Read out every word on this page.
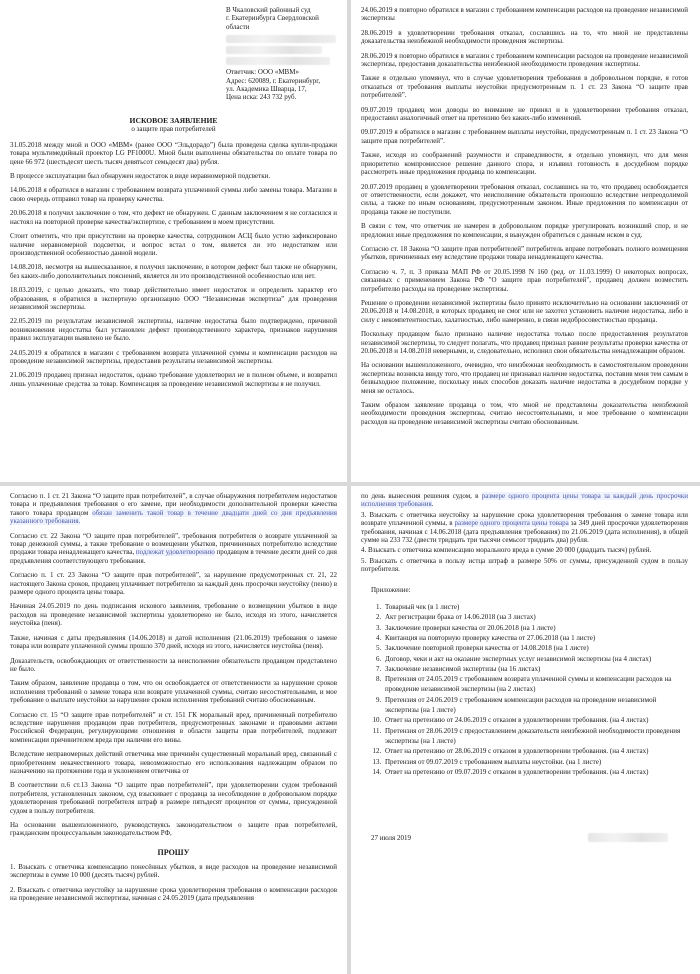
В Чкаловский районный суд
г. Екатеринбурга Свердловской
области
Ответчик: ООО «МВМ»
Адрес: 620089, г. Екатеринбург,
ул. Академика Шварца, 17,
Цена иска: 243 732 руб.
ИСКОВОЕ ЗАЯВЛЕНИЕ
о защите прав потребителей

31.05.2018 между мной и ООО «МВМ» (ранее ООО “Эльдорадо”) была проведена сделка купли-продажи товара мультимедийный проектор LG PF1000U. Мной были выполнены обязательства по оплате товара по цене 66 972 (шестьдесят шесть тысяч девятьсот семьдесят два) рубля.

В процессе эксплуатации был обнаружен недостаток в виде неравномерной подсветки.

14.06.2018 я обратился в магазин с требованием возврата уплаченной суммы либо замены товара. Магазин в свою очередь отправил товар на проверку качества.

20.06.2018 я получил заключение о том, что дефект не обнаружен. С данным заключением я не согласился и настоял на повторной проверке качества/экспертизе, с требованием в моем присутствии.

Стоит отметить, что при присутствии на проверке качества, сотрудником АСЦ было устно зафиксировано наличие неравномерной подсветки, и вопрос встал о том, является ли это недостатком или производственной особенностью данной модели.

14.08.2018, несмотря на вышесказанное, я получил заключение, в котором дефект был также не обнаружен, без каких-либо дополнительных пояснений, является ли это производственной особенностью или нет.

18.03.2019, с целью доказать, что товар действительно имеет недостаток и определить характер его образования, я обратился в экспертную организацию ООО “Независимая экспертиза” для проведения независимой экспертизы.

22.05.2019 по результатам независимой экспертизы, наличие недостатка было подтверждено, причиной возникновения недостатка был установлен дефект производственного характера, признаков нарушения правил эксплуатации выявлено не было.

24.05.2019 я обратился в магазин с требованием возврата уплаченной суммы и компенсации расходов на проведение независимой экспертизы, предоставив результаты независимой экспертизы.

21.06.2019 продавец признал недостаток, однако требование удовлетворил не в полном объеме, и возвратил лишь уплаченные средства за товар. Компенсация за проведение независимой экспертизы я не получил.

24.06.2019 я повторно обратился в магазин с требованием компенсации расходов на проведение независимой экспертизы

28.06.2019 в удовлетворении требования отказал, сославшись на то, что мной не представлены доказательства неизбежной необходимости проведения экспертизы.

28.06.2019 я повторно обратился в магазин с требованием компенсации расходов на проведение независимой экспертизы, предоставив доказательства неизбежной необходимости проведения экспертизы.

Также я отдельно упомянул, что в случае удовлетворения требования в добровольном порядке, я готов отказаться от требования выплаты неустойки предусмотренным п. 1 ст. 23 Закона “О защите прав потребителей”.

09.07.2019 продавец мои доводы во внимание не принял и в удовлетворении требования отказал, предоставил аналогичный ответ на претензию без каких-либо изменений.

09.07.2019 я обратился в магазин с требованием выплаты неустойки, предусмотренным п. 1 ст. 23 Закона “О защите прав потребителей”.

Также, исходя из соображений разумности и справедливости, я отдельно упомянул, что для меня приоритетно компромиссное решение данного спора, и изъявил готовность в досудебном порядке рассмотреть иные предложения продавца по компенсации.

20.07.2019 продавец в удовлетворении требования отказал, сославшись на то, что продавец освобождается от ответственности, если докажет, что неисполнение обязательств произошло вследствие непреодолимой силы, а также по иным основаниям, предусмотренным законом. Иные предложения по компенсации от продавца также не поступили.

В связи с тем, что ответчик не намерен в добровольном порядке урегулировать возникший спор, и не предложил иные предложения по компенсации, я вынужден обратиться с данным иском в суд.

Согласно ст. 18 Закона “О защите прав потребителей” потребитель вправе потребовать полного возмещения убытков, причиненных ему вследствие продажи товара ненадлежащего качества.

Согласно ч. 7, п. 3 приказа МАП РФ от 20.05.1998 N 160 (ред. от 11.03.1999) О некоторых вопросах, связанных с применением Закона РФ "О защите прав потребителей", продавец должен возместить потребителю расходы на проведение экспертизы.

Решение о проведении независимой экспертизы было принято исключительно на основании заключений от 20.06.2018 и 14.08.2018, в которых продавец не смог или не захотел установить наличие недостатка, либо в силу с некомпетентностью, халатностью, либо намеренно, в связи недобросовестностью продавца.

Поскольку продавцом было признано наличие недостатка только после предоставления результатов независимой экспертизы, то следует полагать, что продавец признал ранние результаты проверки качества от 20.06.2018 и 14.08.2018 неверными, и, следовательно, исполнил свои обязательства ненадлежащим образом.

На основании вышеизложенного, очевидно, что неизбежная необходимость в самостоятельном проведении экспертизы возникла ввиду того, что продавец не признавал наличие недостатка, поставив меня тем самым в безвыходное положение, поскольку иных способов доказать наличие недостатка в досудебном порядке у меня не осталось.

Таким образом заявление продавца о том, что мной не представлены доказательства неизбежной необходимости проведения экспертизы, считаю несостоятельными, и мое требование о компенсации расходов на проведение независимой экспертизы считаю обоснованным.

Согласно п. 1 ст. 21 Закона “О защите прав потребителей”, в случае обнаружения потребителем недостатков товара и предъявления требования о его замене, при необходимости дополнительной проверки качества такого товара продавцом обязан заменить такой товар в течение двадцати дней со дня предъявления указанного требования.

Согласно ст. 22 Закона “О защите прав потребителей”, требования потребителя о возврате уплаченной за товар денежной суммы, а также требование о возмещении убытков, причиненных потребителю вследствие продажи товара ненадлежащего качества, подлежат удовлетворению продавцом в течение десяти дней со дня предъявления соответствующего требования.

Согласно п. 1 ст. 23 Закона “О защите прав потребителей”, за нарушение предусмотренных ст. 21, 22 настоящего Закона сроков, продавец уплачивает потребителю за каждый день просрочки неустойку (пеню) в размере одного процента цены товара.

Начиная 24.05.2019 по день подписания искового заявления, требование о возмещении убытков в виде расходов на проведение независимой экспертизы удовлетворено не было, исходя из этого, начисляется неустойка (пеня).

Также, начиная с даты предъявления (14.06.2018) и датой исполнения (21.06.2019) требования о замене товара или возврате уплаченной суммы прошло 370 дней, исходя из этого, начисляется неустойка (пеня).

Доказательств, освобождающих от ответственности за неисполнение обязательств продавцом представлено не было.

Таким образом, заявление продавца о том, что он освобождается от ответственности за нарушение сроков исполнения требований о замене товара или возврате уплаченной суммы, считаю несостоятельными, и мое требование о выплате неустойки за нарушение сроков исполнения требований считаю обоснованным.

Согласно ст. 15 “О защите прав потребителей” и ст. 151 ГК моральный вред, причиненный потребителю вследствие нарушения продавцом прав потребителя, предусмотренных законами и правовыми актами Российской Федерации, регулирующими отношения в области защиты прав потребителей, подлежит компенсации причинителем вреда при наличии его вины.

Вследствие неправомерных действий ответчика мне причинён существенный моральный вред, связанный с приобретением некачественного товара, невозможностью его использования надлежащим образом по назначению на протяжении года и уклонением ответчика от

В соответствии п.6 ст.13 Закона “О защите прав потребителей”, при удовлетворении судом требований потребителя, установленных законом, суд взыскивает с продавца за несоблюдение в добровольном порядке удовлетворения требований потребителя штраф в размере пятьдесят процентов от суммы, присужденной судом в пользу потребителя.

На основании вышеизложенного, руководствуясь законодательством о защите прав потребителей, гражданским процессуальным законодательством РФ,

ПРОШУ

1. Взыскать с ответчика компенсацию понесённых убытков, в виде расходов на проведение независимой экспертизы в сумме 10 000 (десять тысяч) рублей.

2. Взыскать с ответчика неустойку за нарушение срока удовлетворения требования о компенсации расходов на проведение независимой экспертизы, начиная с 24.05.2019 (дата предъявления

по день вынесения решения судом, в размере одного процента цены товара за каждый день просрочки исполнения требования.

3. Взыскать с ответчика неустойку за нарушение срока удовлетворения требования о замене товара или возврате уплаченной суммы, в размере одного процента цены товара за 349 дней просрочки удовлетворения требования, начиная с 14.06.2018 (дата предъявления требования) по 21.06.2019 (дата исполнения), в общей сумме на 233 732 (двести тридцать три тысячи семьсот тридцать два) рубля.

4. Взыскать с ответчика компенсацию морального вреда в сумме 20 000 (двадцать тысяч) рублей.

5. Взыскать с ответчика в пользу истца штраф в размере 50% от суммы, присужденной судом в пользу потребителя.

Приложение:

1. Товарный чек (в 1 листе)
2. Акт регистрации брака от 14.06.2018 (на 3 листах)
3. Заключение проверки качества от 20.06.2018 (на 1 листе)
4. Квитанция на повторную проверку качества от 27.06.2018 (на 1 листе)
5. Заключение повторной проверки качества от 14.08.2018 (на 1 листе)
6. Договор, чеки и акт на оказание экспертных услуг независимой экспертизы (на 4 листах)
7. Заключение независимой экспертизы (на 16 листах)
8. Претензия от 24.05.2019 с требованием возврата уплаченной суммы и компенсации расходов на проведение независимой экспертизы (на 2 листах)
9. Претензия от 24.06.2019 с требованием компенсации расходов на проведение независимой экспертизы (на 1 листе)
10. Ответ на претензию от 24.06.2019 с отказом в удовлетворении требования. (на 4 листах)
11. Претензия от 28.06.2019 с предоставлением доказательств неизбежной необходимости проведения экспертизы (на 1 листе)
12. Ответ на претензию от 28.06.2019 с отказом в удовлетворении требования. (на 4 листах)
13. Претензия от 09.07.2019 с требованием выплаты неустойки. (на 1 листе)
14. Ответ на претензию от 09.07.2019 с отказом в удовлетворении требования. (на 4 листах)
27 июля 2019
